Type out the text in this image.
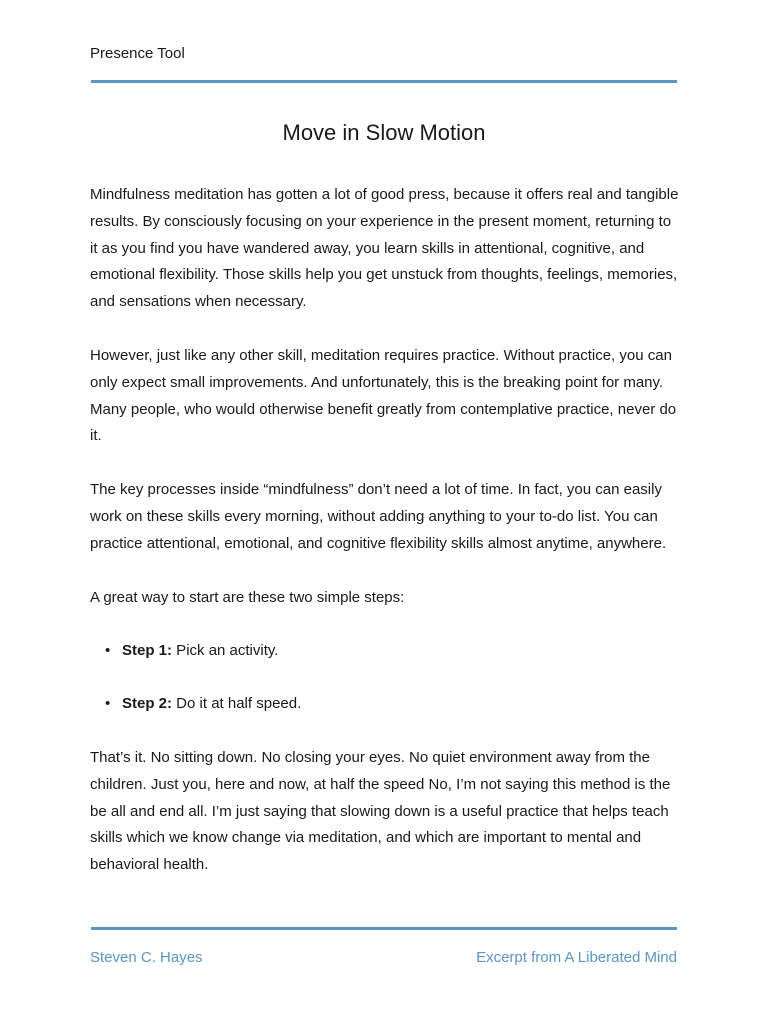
Presence Tool
Move in Slow Motion

Mindfulness meditation has gotten a lot of good press, because it offers real and tangible results. By consciously focusing on your experience in the present moment, returning to it as you find you have wandered away, you learn skills in attentional, cognitive, and emotional flexibility. Those skills help you get unstuck from thoughts, feelings, memories, and sensations when necessary.

However, just like any other skill, meditation requires practice. Without practice, you can only expect small improvements. And unfortunately, this is the breaking point for many. Many people, who would otherwise benefit greatly from contemplative practice, never do it.

The key processes inside “mindfulness” don’t need a lot of time. In fact, you can easily work on these skills every morning, without adding anything to your to-do list. You can practice attentional, emotional, and cognitive flexibility skills almost anytime, anywhere.

A great way to start are these two simple steps:

• Step 1: Pick an activity.
• Step 2: Do it at half speed.

That’s it. No sitting down. No closing your eyes. No quiet environment away from the children. Just you, here and now, at half the speed No, I’m not saying this method is the be all and end all. I’m just saying that slowing down is a useful practice that helps teach skills which we know change via meditation, and which are important to mental and behavioral health.

Steven C. Hayes	Excerpt from A Liberated Mind
